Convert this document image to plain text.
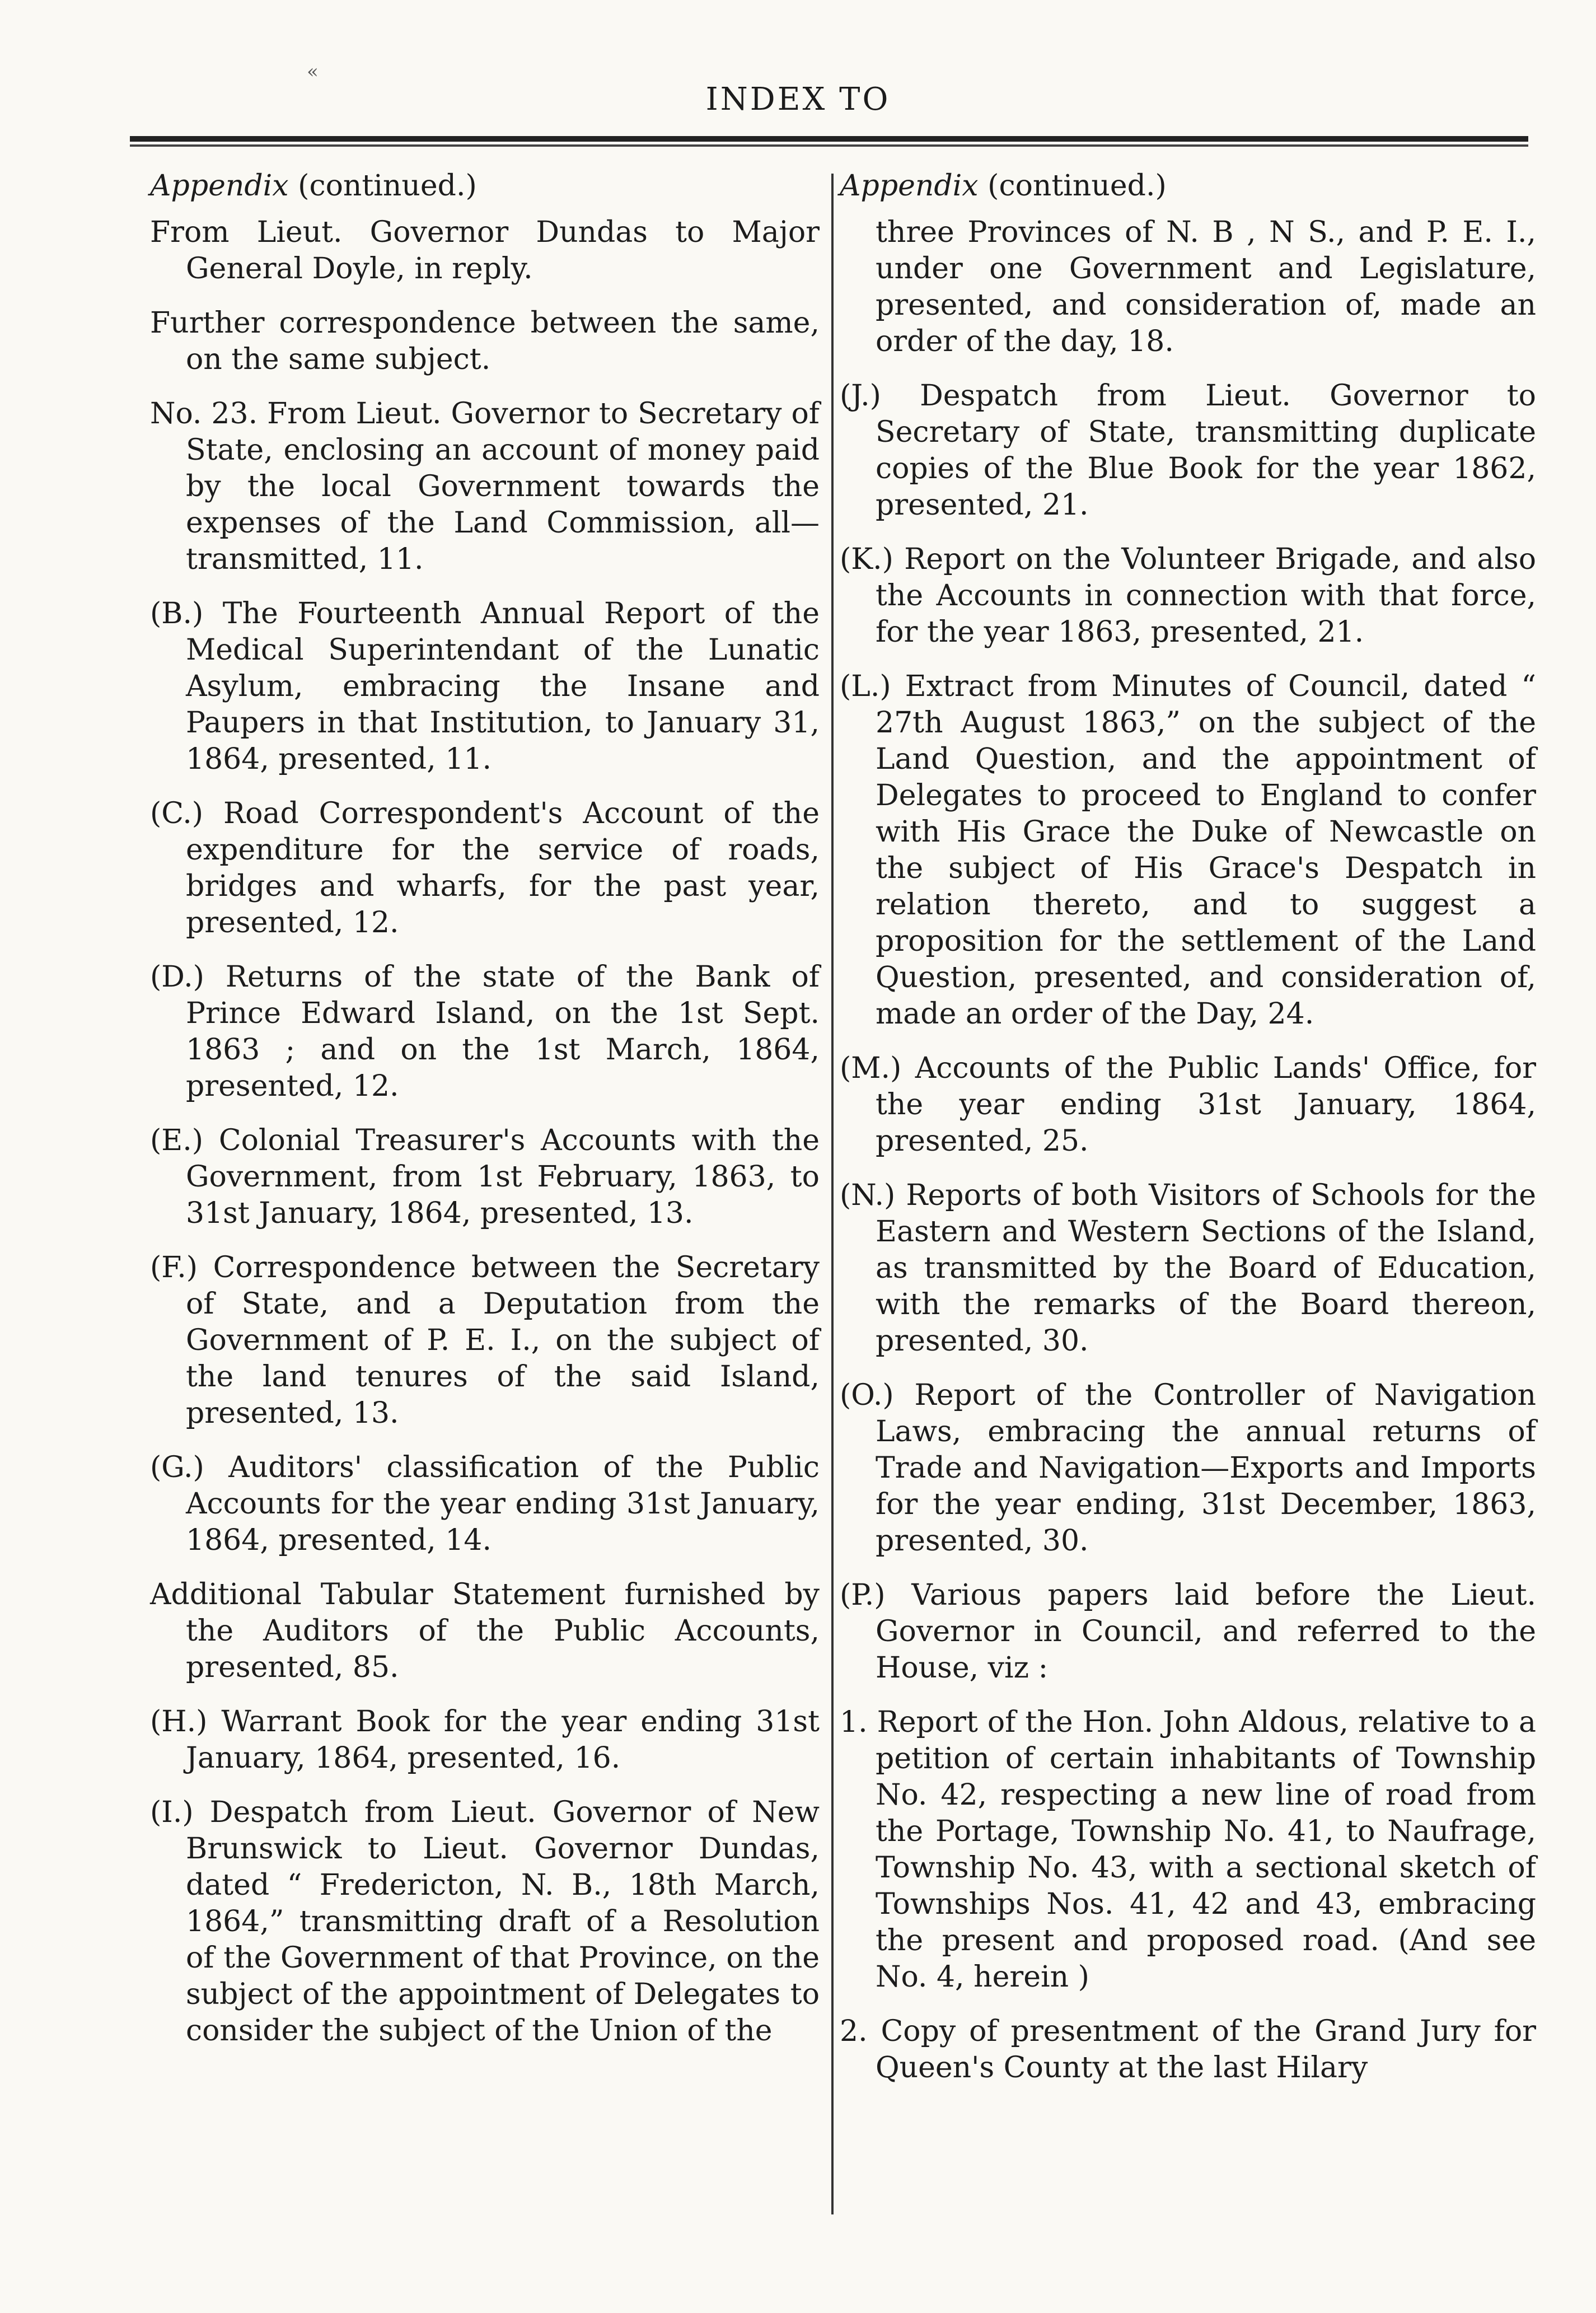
«
INDEX TO

Appendix (continued.)

From Lieut. Governor Dundas to Major General Doyle, in reply.

Further correspondence between the same, on the same subject.

No. 23. From Lieut. Governor to Secretary of State, enclosing an account of money paid by the local Government towards the expenses of the Land Commission, all—transmitted, 11.

(B.) The Fourteenth Annual Report of the Medical Superintendant of the Lunatic Asylum, embracing the Insane and Paupers in that Institution, to January 31, 1864, presented, 11.

(C.) Road Correspondent's Account of the expenditure for the service of roads, bridges and wharfs, for the past year, presented, 12.

(D.) Returns of the state of the Bank of Prince Edward Island, on the 1st Sept. 1863 ; and on the 1st March, 1864, presented, 12.

(E.) Colonial Treasurer's Accounts with the Government, from 1st February, 1863, to 31st January, 1864, presented, 13.

(F.) Correspondence between the Secretary of State, and a Deputation from the Government of P. E. I., on the subject of the land tenures of the said Island, presented, 13.

(G.) Auditors' classification of the Public Accounts for the year ending 31st January, 1864, presented, 14.

Additional Tabular Statement furnished by the Auditors of the Public Accounts, presented, 85.

(H.) Warrant Book for the year ending 31st January, 1864, presented, 16.

(I.) Despatch from Lieut. Governor of New Brunswick to Lieut. Governor Dundas, dated “ Fredericton, N. B., 18th March, 1864,” transmitting draft of a Resolution of the Government of that Province, on the subject of the appointment of Delegates to consider the subject of the Union of the

Appendix (continued.)

three Provinces of N. B , N S., and P. E. I., under one Government and Legislature, presented, and consideration of, made an order of the day, 18.

(J.) Despatch from Lieut. Governor to Secretary of State, transmitting duplicate copies of the Blue Book for the year 1862, presented, 21.

(K.) Report on the Volunteer Brigade, and also the Accounts in connection with that force, for the year 1863, presented, 21.

(L.) Extract from Minutes of Council, dated “ 27th August 1863,” on the subject of the Land Question, and the appointment of Delegates to proceed to England to confer with His Grace the Duke of Newcastle on the subject of His Grace's Despatch in relation thereto, and to suggest a proposition for the settlement of the Land Question, presented, and consideration of, made an order of the Day, 24.

(M.) Accounts of the Public Lands' Office, for the year ending 31st January, 1864, presented, 25.

(N.) Reports of both Visitors of Schools for the Eastern and Western Sections of the Island, as transmitted by the Board of Education, with the remarks of the Board thereon, presented, 30.

(O.) Report of the Controller of Navigation Laws, embracing the annual returns of Trade and Navigation—Exports and Imports for the year ending, 31st December, 1863, presented, 30.

(P.) Various papers laid before the Lieut. Governor in Council, and referred to the House, viz :

1. Report of the Hon. John Aldous, relative to a petition of certain inhabitants of Township No. 42, respecting a new line of road from the Portage, Township No. 41, to Naufrage, Township No. 43, with a sectional sketch of Townships Nos. 41, 42 and 43, embracing the present and proposed road. (And see No. 4, herein )

2. Copy of presentment of the Grand Jury for Queen's County at the last Hilary
